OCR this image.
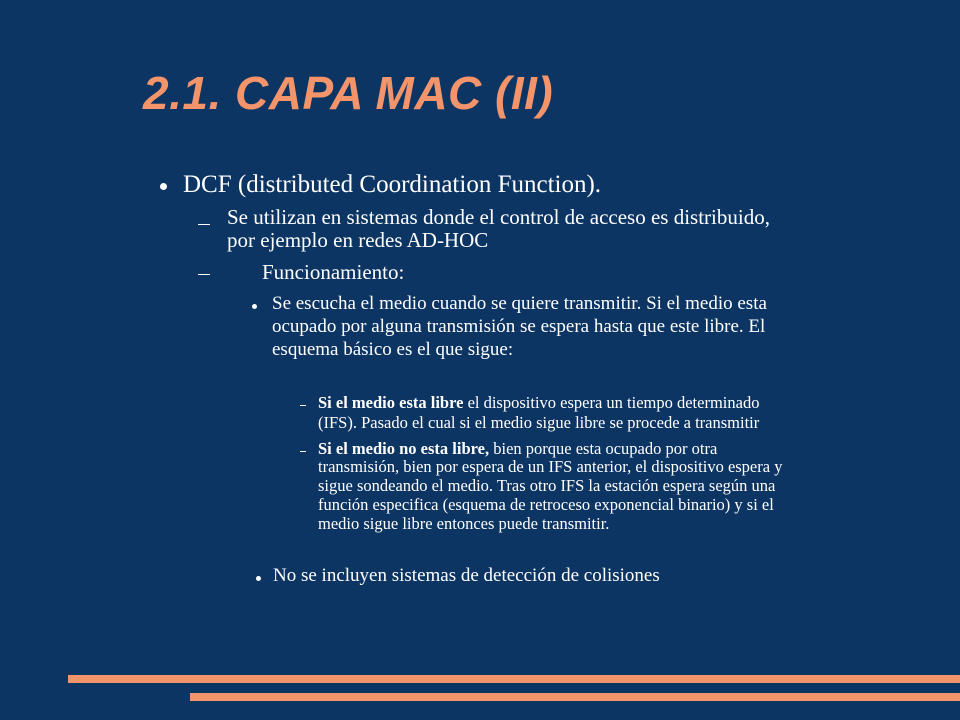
2.1. CAPA MAC (II)

DCF (distributed Coordination Function).

Se utilizan en sistemas donde el control de acceso es distribuido,

por ejemplo en redes AD-HOC

Funcionamiento:

Se escucha el medio cuando se quiere transmitir. Si el medio esta

ocupado por alguna transmisión se espera hasta que este libre. El

esquema básico es el que sigue:

Si el medio esta libre el dispositivo espera un tiempo determinado

(IFS). Pasado el cual si el medio sigue libre se procede a transmitir

Si el medio no esta libre, bien porque esta ocupado por otra

transmisión, bien por espera de un IFS anterior, el dispositivo espera y

sigue sondeando el medio. Tras otro IFS la estación espera según una

función especifica (esquema de retroceso exponencial binario) y si el

medio sigue libre entonces puede transmitir.

No se incluyen sistemas de detección de colisiones
